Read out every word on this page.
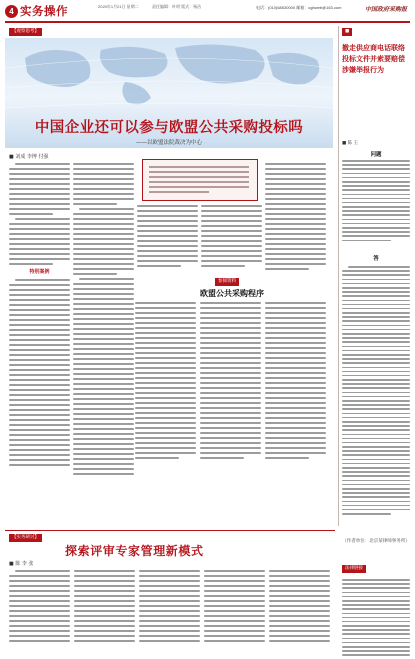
4 实务操作	2020年1月21日 星期二	责任编辑：叶明 版式：杨洁	电话：(010)68530000 邮箱：cgbweb@163.com	中国政府采购报
【观察思考】
中国企业还可以参与欧盟公共采购投标吗
——以欧盟法院裁决为中心
■ 刘成 李博 付强
特别案例
参阅资料
欧盟公共采购程序
■
撤走供应商电话联络投标文件并索要赔偿涉嫌举报行为
■ 陈 王
问题
答
（作者单位：北京某律师事务所）
法律链接
【实务研讨】
探索评审专家管理新模式
■ 陈 李 张
